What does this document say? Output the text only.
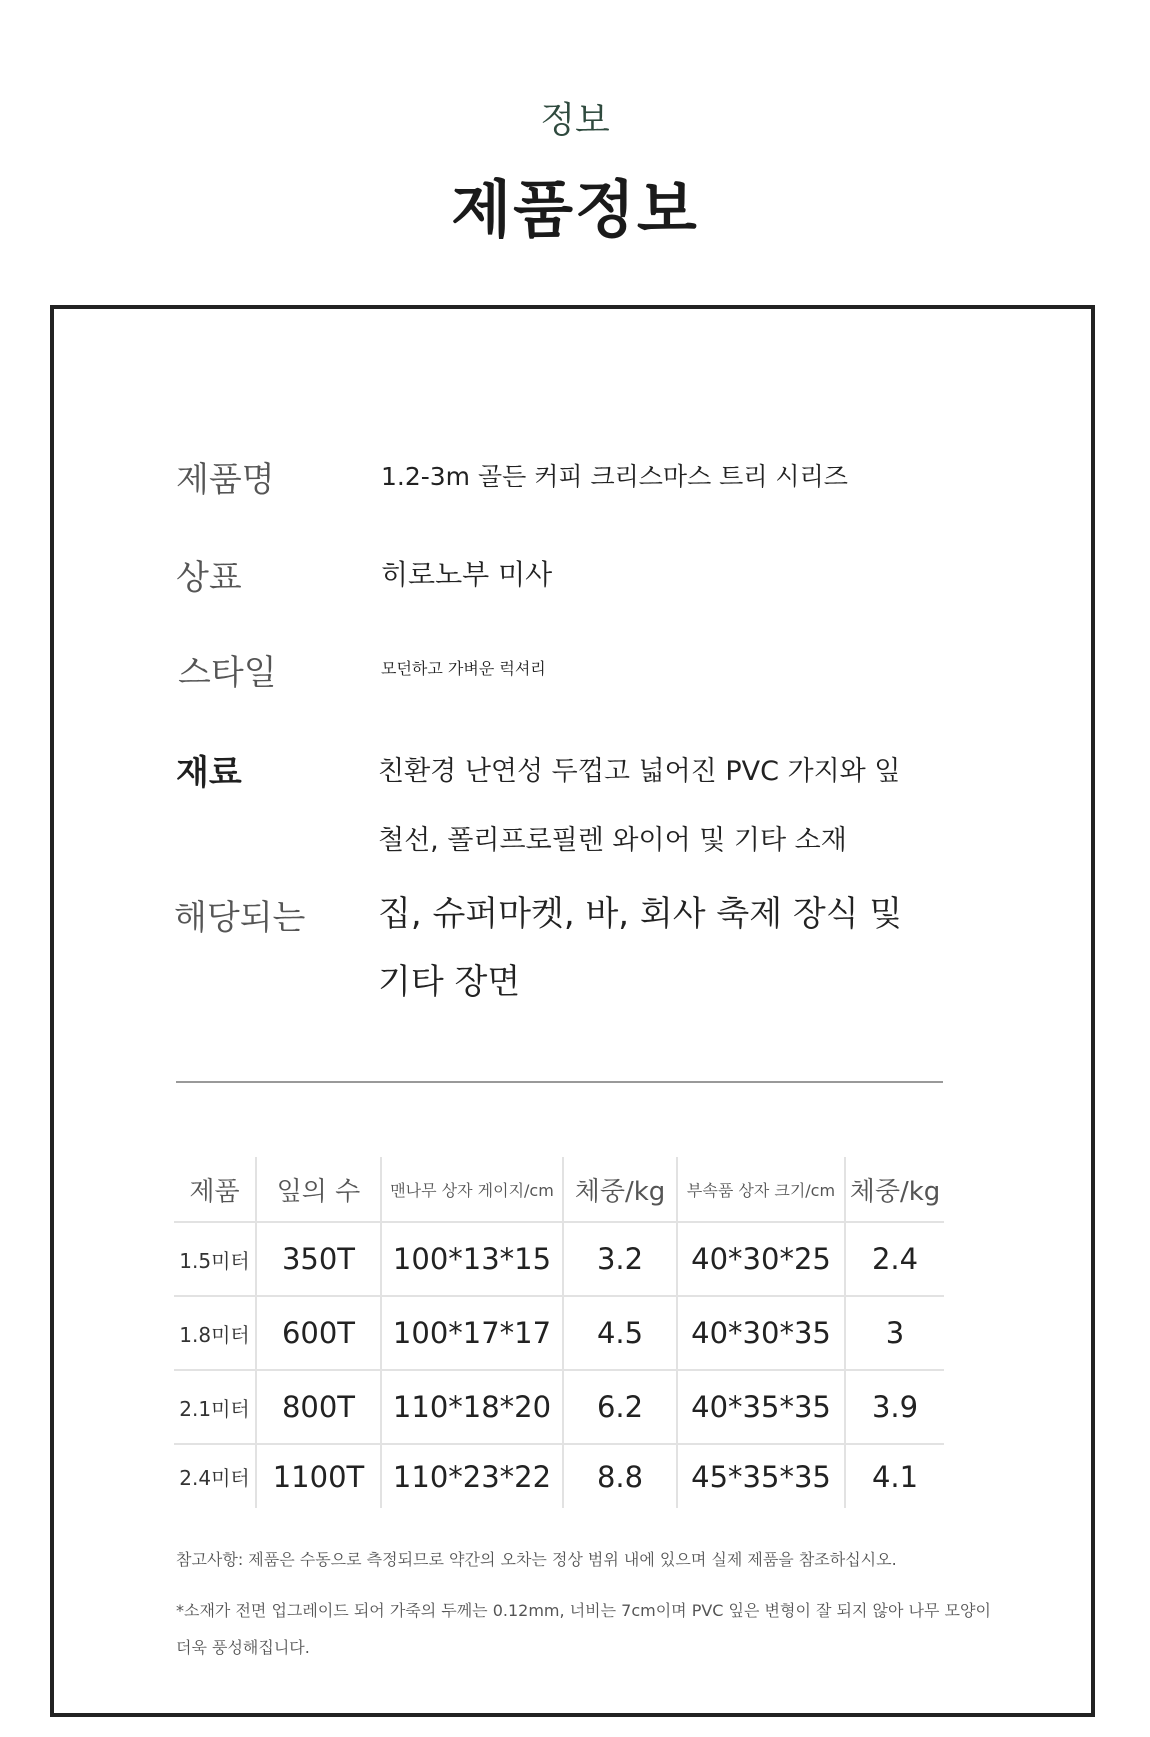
정보
제품정보
제품명	1.2-3m 골든 커피 크리스마스 트리 시리즈
상표	히로노부 미사
스타일	모던하고 가벼운 럭셔리
재료	친환경 난연성 두껍고 넓어진 PVC 가지와 잎
철선, 폴리프로필렌 와이어 및 기타 소재
해당되는 집, 슈퍼마켓, 바, 회사 축제 장식 및
기타 장면
제품	잎의 수	맨나무 상자 게이지/cm	체중/kg	부속품 상자 크기/cm	체중/kg
1.5미터	350T	100*13*15	3.2	40*30*25	2.4
1.8미터	600T	100*17*17	4.5	40*30*35	3
2.1미터	800T	110*18*20	6.2	40*35*35	3.9
2.4미터	1100T	110*23*22	8.8	45*35*35	4.1
참고사항: 제품은 수동으로 측정되므로 약간의 오차는 정상 범위 내에 있으며 실제 제품을 참조하십시오.
*소재가 전면 업그레이드 되어 가죽의 두께는 0.12mm, 너비는 7cm이며 PVC 잎은 변형이 잘 되지 않아 나무 모양이
더욱 풍성해집니다.
